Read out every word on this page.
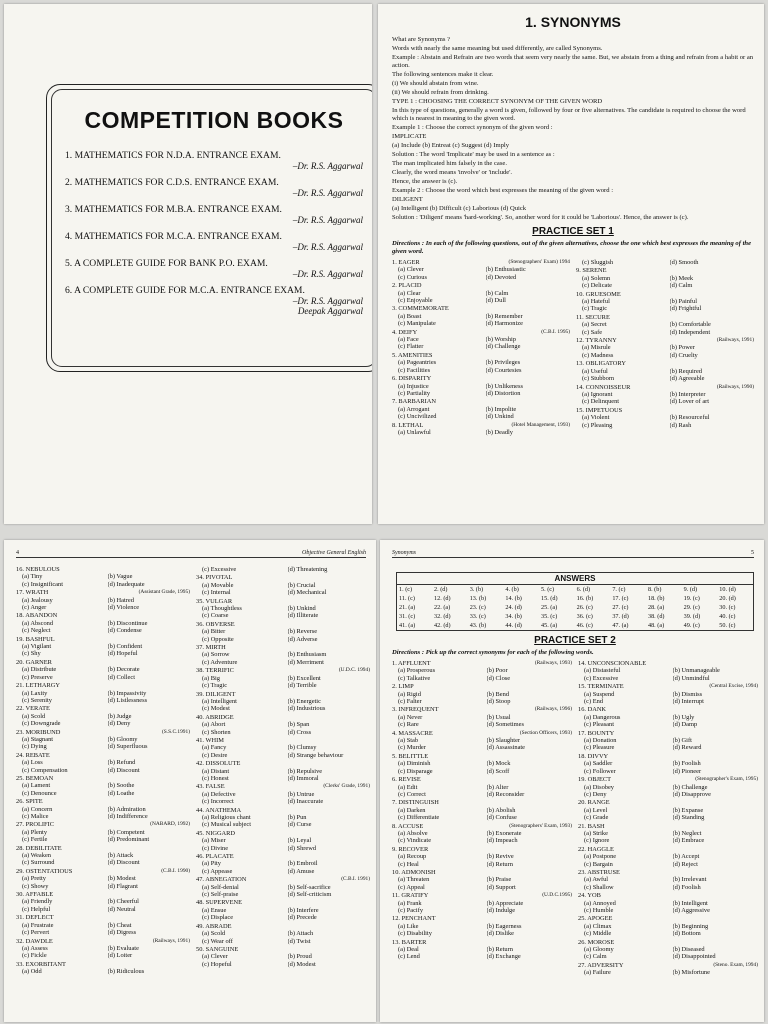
COMPETITION BOOKS
1. MATHEMATICS FOR N.D.A. ENTRANCE EXAM.
–Dr. R.S. Aggarwal
2. MATHEMATICS FOR C.D.S. ENTRANCE EXAM.
–Dr. R.S. Aggarwal
3. MATHEMATICS FOR M.B.A. ENTRANCE EXAM.
–Dr. R.S. Aggarwal
4. MATHEMATICS FOR M.C.A. ENTRANCE EXAM.
–Dr. R.S. Aggarwal
5. A COMPLETE GUIDE FOR BANK P.O. EXAM.
–Dr. R.S. Aggarwal
6. A COMPLETE GUIDE FOR M.C.A. ENTRANCE EXAM.
–Dr. R.S. Aggarwal
Deepak Aggarwal
1. SYNONYMS
What are Synonyms ?
Words with nearly the same meaning but used differently, are called Synonyms.
Example : Abstain and Refrain are two words that seem very nearly the same. But, we abstain from a thing and refrain from a habit or an action.
The following sentences make it clear.
(i) We should abstain from wine.
(ii) We should refrain from drinking.
TYPE 1 : CHOOSING THE CORRECT SYNONYM OF THE GIVEN WORD
In this type of questions, generally a word is given, followed by four or five alternatives. The candidate is required to choose the word which is nearest in meaning to the given word.
Example 1 : Choose the correct synonym of the given word :
IMPLICATE
(a) Include (b) Entreat (c) Suggest (d) Imply
Solution : The word 'Implicate' may be used in a sentence as :
The man implicated him falsely in the case.
Clearly, the word means 'involve' or 'include'.
Hence, the answer is (c).
Example 2 : Choose the word which best expresses the meaning of the given word :
DILIGENT
(a) Intelligent (b) Difficult (c) Laborious (d) Quick
Solution : 'Diligent' means 'hard-working'. So, another word for it could be 'Laborious'. Hence, the answer is (c).
PRACTICE SET 1
Directions : In each of the following questions, out of the given alternatives, choose the one which best expresses the meaning of the given word.
(Stenographers' Exam) 1994
1. EAGER
(a) Clever	(b) Enthusiastic
(c) Curious	(d) Devoted
2. PLACID
(a) Clear	(b) Calm
(c) Enjoyable	(d) Dull
3. COMMEMORATE
(a) Boast	(b) Remember
(c) Manipulate	(d) Harmonize
(C.B.I. 1995)
4. DEIFY
(a) Face	(b) Worship
(c) Flatter	(d) Challenge
5. AMENITIES
(a) Pageantries	(b) Privileges
(c) Facilities	(d) Courtesies
6. DISPARITY
(a) Injustice	(b) Unlikeness
(c) Partiality	(d) Distortion
7. BARBARIAN
(a) Arrogant	(b) Impolite
(c) Uncivilized	(d) Unkind
(Hotel Management, 1993)
8. LETHAL
(a) Unlawful	(b) Deadly
(c) Sluggish	(d) Smooth
9. SERENE
(a) Solemn	(b) Meek
(c) Delicate	(d) Calm
10. GRUESOME
(a) Hateful	(b) Painful
(c) Tragic	(d) Frightful
11. SECURE
(a) Secret	(b) Comfortable
(c) Safe	(d) Independent
(Railways, 1991)
12. TYRANNY
(a) Misrule	(b) Power
(c) Madness	(d) Cruelty
13. OBLIGATORY
(a) Useful	(b) Required
(c) Stubborn	(d) Agreeable
(Railways, 1990)
14. CONNOISSEUR
(a) Ignorant	(b) Interpreter
(c) Delinquent	(d) Lover of art
15. IMPETUOUS
(a) Violent	(b) Resourceful
(c) Pleasing	(d) Rash
4	Objective General English
16. NEBULOUS
(a) Tiny	(b) Vague
(c) Insignificant	(d) Inadequate
(Assistant Grade, 1995)
17. WRATH
(a) Jealousy	(b) Hatred
(c) Anger	(d) Violence
18. ABANDON
(a) Abscond	(b) Discontinue
(c) Neglect	(d) Condense
19. BASHFUL
(a) Vigilant	(b) Confident
(c) Shy	(d) Hopeful
20. GARNER
(a) Distribute	(b) Decorate
(c) Preserve	(d) Collect
21. LETHARGY
(a) Laxity	(b) Impassivity
(c) Serenity	(d) Listlessness
22. VERATE
(a) Scold	(b) Judge
(c) Downgrade	(d) Deny
(S.S.C.1991)
23. MORIBUND
(a) Stagnant	(b) Gloomy
(c) Dying	(d) Superfluous
24. REBATE
(a) Loss	(b) Refund
(c) Compensation	(d) Discount
25. BEMOAN
(a) Lament	(b) Soothe
(c) Denounce	(d) Loathe
26. SPITE
(a) Concern	(b) Admiration
(c) Malice	(d) Indifference
(NABARD, 1992)
27. PROLIFIC
(a) Plenty	(b) Competent
(c) Fertile	(d) Predominant
28. DEBILITATE
(a) Weaken	(b) Attack
(c) Surround	(d) Discount
(C.B.I. 1990)
29. OSTENTATIOUS
(a) Pretty	(b) Modest
(c) Showy	(d) Flagrant
30. AFFABLE
(a) Friendly	(b) Cheerful
(c) Helpful	(d) Neutral
31. DEFLECT
(a) Frustrate	(b) Cheat
(c) Pervert	(d) Digress
(Railways, 1991)
32. DAWDLE
(a) Assess	(b) Evaluate
(c) Fickle	(d) Loiter
33. EXORBITANT
(a) Odd	(b) Ridiculous
(c) Excessive	(d) Threatening
34. PIVOTAL
(a) Movable	(b) Crucial
(c) Internal	(d) Mechanical
35. VULGAR
(a) Thoughtless	(b) Unkind
(c) Coarse	(d) Illiterate
36. OBVERSE
(a) Bitter	(b) Reverse
(c) Opposite	(d) Adverse
37. MIRTH
(a) Sorrow	(b) Enthusiasm
(c) Adventure	(d) Merriment
(U.D.C. 1994)
38. TERRIFIC
(a) Big	(b) Excellent
(c) Tragic	(d) Terrible
39. DILIGENT
(a) Intelligent	(b) Energetic
(c) Modest	(d) Industrious
40. ABRIDGE
(a) Abort	(b) Span
(c) Shorten	(d) Cross
41. WHIM
(a) Fancy	(b) Clumsy
(c) Desire	(d) Strange behaviour
42. DISSOLUTE
(a) Distant	(b) Repulsive
(c) Honest	(d) Immoral
(Clerks' Grade, 1991)
43. FALSE
(a) Defective	(b) Untrue
(c) Incorrect	(d) Inaccurate
44. ANATHEMA
(a) Religious chant	(b) Pun
(c) Musical subject	(d) Curse
45. NIGGARD
(a) Miser	(b) Leyal
(c) Divine	(d) Shrewd
46. PLACATE
(a) Pity	(b) Embroil
(c) Appease	(d) Amuse
(C.B.I. 1991)
47. ABNEGATION
(a) Self-denial	(b) Self-sacrifice
(c) Self-praise	(d) Self-criticism
48. SUPERVENE
(a) Ensue	(b) Interfere
(c) Displace	(d) Precede
49. ABRADE
(a) Scold	(b) Attach
(c) Wear off	(d) Twist
50. SANGUINE
(a) Clever	(b) Proud
(c) Hopeful	(d) Modest
Synonyms	5
ANSWERS
1. (c)	2. (d)	3. (b)	4. (b)	5. (c)	6. (d)	7. (c)	8. (b)	9. (d)	10. (d)
11. (c)	12. (d)	13. (b)	14. (b)	15. (d)	16. (b)	17. (c)	18. (b)	19. (c)	20. (d)
21. (a)	22. (a)	23. (c)	24. (d)	25. (a)	26. (c)	27. (c)	28. (a)	29. (c)	30. (c)
31. (c)	32. (d)	33. (c)	34. (b)	35. (c)	36. (c)	37. (d)	38. (d)	39. (d)	40. (c)
41. (a)	42. (d)	43. (b)	44. (d)	45. (a)	46. (c)	47. (a)	48. (a)	49. (c)	50. (c)
PRACTICE SET 2
Directions : Pick up the correct synonyms for each of the following words.
(Railways, 1993)
1. AFFLUENT
(a) Prosperous	(b) Poor
(c) Talkative	(d) Close
2. LIMP
(a) Rigid	(b) Bend
(c) Falter	(d) Stoop
(Railways, 1996)
3. INFREQUENT
(a) Never	(b) Usual
(c) Rare	(d) Sometimes
(Section Officers, 1993)
4. MASSACRE
(a) Stab	(b) Slaughter
(c) Murder	(d) Assassinate
5. BELITTLE
(a) Diminish	(b) Mock
(c) Disparage	(d) Scoff
6. REVISE
(a) Edit	(b) Alter
(c) Correct	(d) Reconsider
7. DISTINGUISH
(a) Darken	(b) Abolish
(c) Differentiate	(d) Confuse
(Stenographers' Exam, 1993)
8. ACCUSE
(a) Absolve	(b) Exonerate
(c) Vindicate	(d) Impeach
9. RECOVER
(a) Recoup	(b) Revive
(c) Heal	(d) Return
10. ADMONISH
(a) Threaten	(b) Praise
(c) Appeal	(d) Support
(U.D.C.1995)
11. GRATIFY
(a) Frank	(b) Appreciate
(c) Pacify	(d) Indulge
12. PENCHANT
(a) Like	(b) Eagerness
(c) Disability	(d) Dislike
13. BARTER
(a) Deal	(b) Return
(c) Lend	(d) Exchange
14. UNCONSCIONABLE
(a) Distasteful	(b) Unmanageable
(c) Excessive	(d) Unmindful
(Central Excise, 1994)
15. TERMINATE
(a) Suspend	(b) Dismiss
(c) End	(d) Interrupt
16. DANK
(a) Dangerous	(b) Ugly
(c) Pleasant	(d) Damp
17. BOUNTY
(a) Donation	(b) Gift
(c) Pleasure	(d) Reward
18. DIVVY
(a) Saddler	(b) Foolish
(c) Follower	(d) Pioneer
(Stenographer's Exam, 1995)
19. OBJECT
(a) Disobey	(b) Challenge
(c) Deny	(d) Disapprove
20. RANGE
(a) Level	(b) Expanse
(c) Grade	(d) Standing
21. BASH
(a) Strike	(b) Neglect
(c) Ignore	(d) Embrace
22. HAGGLE
(a) Postpone	(b) Accept
(c) Bargain	(d) Reject
23. ABSTRUSE
(a) Awful	(b) Irrelevant
(c) Shallow	(d) Foolish
24. YOB
(a) Annoyed	(b) Intelligent
(c) Humble	(d) Aggressive
25. APOGEE
(a) Climax	(b) Beginning
(c) Middle	(d) Bottom
26. MOROSE
(a) Gloomy	(b) Diseased
(c) Calm	(d) Disappointed
(Steno. Exam, 1994)
27. ADVERSITY
(a) Failure	(b) Misfortune
